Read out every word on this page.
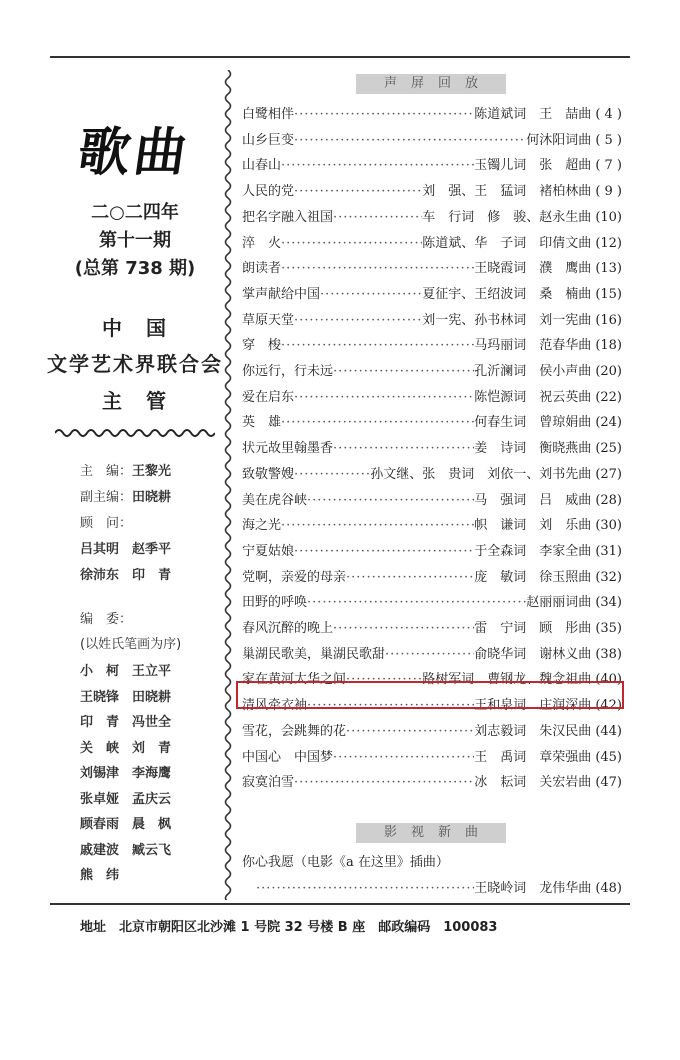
歌曲
二○二四年
第十一期
(总第 738 期)
中　国
文学艺术界联合会
主　管
主　编：王黎光
副主编：田晓耕
顾　问：
吕其明　赵季平
徐沛东　印　青
编　委：
(以姓氏笔画为序)
小　柯　王立平
王晓锋　田晓耕
印　青　冯世全
关　峡　刘　青
刘锡津　李海鹰
张卓娅　孟庆云
顾春雨　晨　枫
戚建波　臧云飞
熊　纬
声屏回放
白鹭相伴 ·····	陈道斌词　王　喆曲 ( 4 )
山乡巨变 ·····	何沐阳词曲 ( 5 )
山春山 ·····	玉镯儿词　张　超曲 ( 7 )
人民的党 ·····	刘　强、王　猛词　褚柏林曲 ( 9 )
把名字融入祖国 ·····	车　行词　修　骏、赵永生曲 (10)
淬　火 ·····	陈道斌、华　子词　印倩文曲 (12)
朗读者 ·····	王晓霞词　濮　鹰曲 (13)
掌声献给中国 ·····	夏征宇、王绍波词　桑　楠曲 (15)
草原天堂 ·····	刘一宪、孙书林词　刘一宪曲 (16)
穿　梭 ·····	马玛丽词　范春华曲 (18)
你远行，行未远 ·····	孔沂澜词　侯小声曲 (20)
爱在启东 ·····	陈恺源词　祝云英曲 (22)
英　雄 ·····	何春生词　曾琼娟曲 (24)
状元故里翰墨香 ·····	姜　诗词　衡晓燕曲 (25)
致敬警嫂 ·····	孙文继、张　贵词　刘依一、刘书先曲 (27)
美在虎谷峡 ·····	马　强词　吕　威曲 (28)
海之光 ·····	帜　谦词　刘　乐曲 (30)
宁夏姑娘 ·····	于全森词　李家全曲 (31)
党啊，亲爱的母亲 ·····	庞　敏词　徐玉照曲 (32)
田野的呼唤 ·····	赵丽丽词曲 (34)
春风沉醉的晚上 ·····	雷　宁词　顾　彤曲 (35)
巢湖民歌美，巢湖民歌甜 ·····	俞晓华词　谢林义曲 (38)
家在黄河太华之间 ·····	路树军词　曹钢龙、魏念祖曲 (40)
清风牵衣袖 ·····	王和泉词　庄润深曲 (42)
雪花，会跳舞的花 ·····	刘志毅词　朱汉民曲 (44)
中国心　中国梦 ·····	王　禹词　章荣强曲 (45)
寂寞泊雪 ·····	冰　耘词　关宏岩曲 (47)
影视新曲
你心我愿（电影《a 在这里》插曲）
·····
王晓岭词　龙伟华曲 (48)
地址　北京市朝阳区北沙滩 1 号院 32 号楼 B 座　邮政编码　100083
